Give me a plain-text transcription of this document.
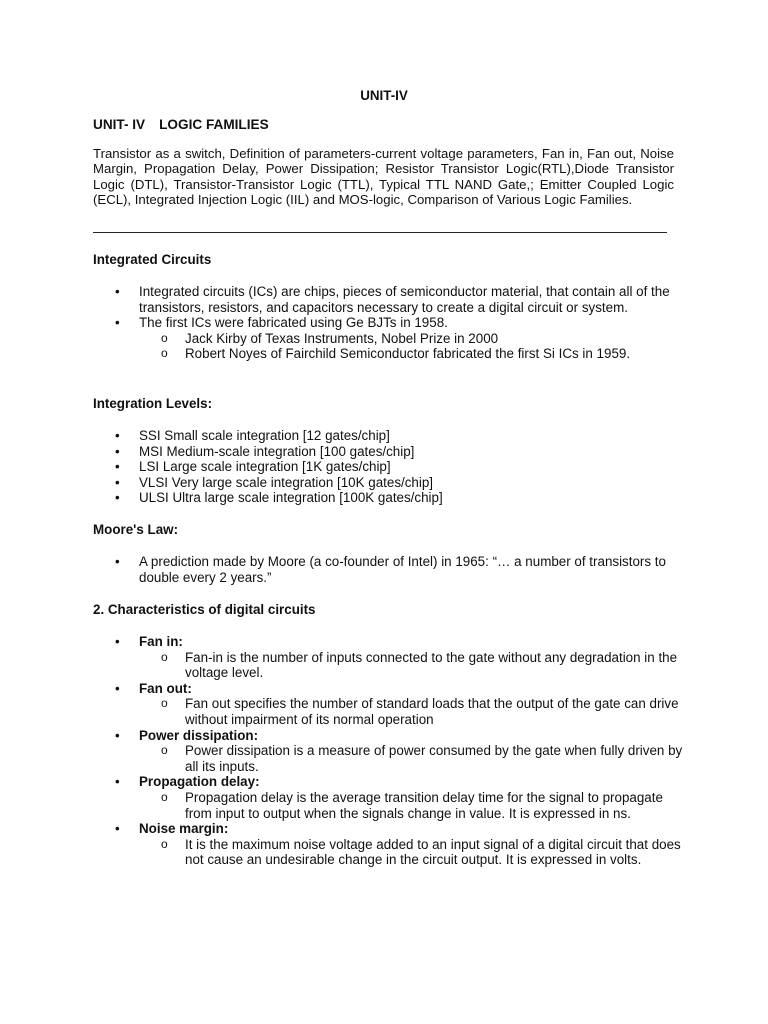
UNIT-IV
UNIT- IV LOGIC FAMILIES
Transistor as a switch, Definition of parameters-current voltage parameters, Fan in, Fan out, Noise Margin, Propagation Delay, Power Dissipation; Resistor Transistor Logic(RTL),Diode Transistor Logic (DTL), Transistor-Transistor Logic (TTL), Typical TTL NAND Gate,; Emitter Coupled Logic (ECL), Integrated Injection Logic (IIL) and MOS-logic, Comparison of Various Logic Families.
Integrated Circuits
• Integrated circuits (ICs) are chips, pieces of semiconductor material, that contain all of the transistors, resistors, and capacitors necessary to create a digital circuit or system.
• The first ICs were fabricated using Ge BJTs in 1958.
o Jack Kirby of Texas Instruments, Nobel Prize in 2000
o Robert Noyes of Fairchild Semiconductor fabricated the first Si ICs in 1959.
Integration Levels:
• SSI Small scale integration [12 gates/chip]
• MSI Medium-scale integration [100 gates/chip]
• LSI Large scale integration [1K gates/chip]
• VLSI Very large scale integration [10K gates/chip]
• ULSI Ultra large scale integration [100K gates/chip]
Moore's Law:
• A prediction made by Moore (a co-founder of Intel) in 1965: “… a number of transistors to double every 2 years.”
2. Characteristics of digital circuits
• Fan in:
o Fan-in is the number of inputs connected to the gate without any degradation in the voltage level.
• Fan out:
o Fan out specifies the number of standard loads that the output of the gate can drive without impairment of its normal operation
• Power dissipation:
o Power dissipation is a measure of power consumed by the gate when fully driven by all its inputs.
• Propagation delay:
o Propagation delay is the average transition delay time for the signal to propagate from input to output when the signals change in value. It is expressed in ns.
• Noise margin:
o It is the maximum noise voltage added to an input signal of a digital circuit that does not cause an undesirable change in the circuit output. It is expressed in volts.
